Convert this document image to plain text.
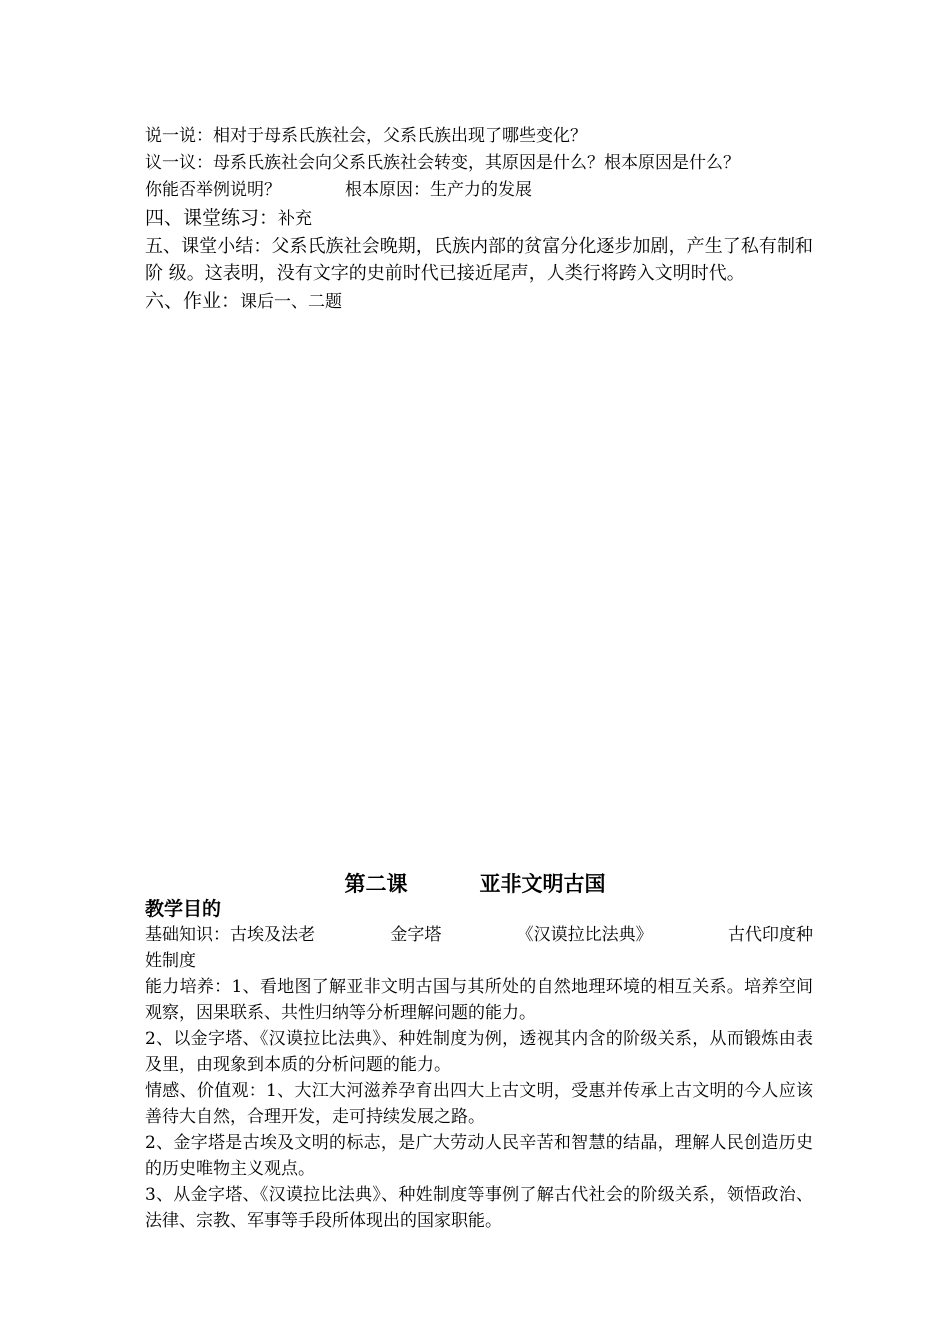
说一说：相对于母系氏族社会，父系氏族出现了哪些变化？
议一议：母系氏族社会向父系氏族社会转变，其原因是什么？根本原因是什么？
你能否举例说明？	根本原因：生产力的发展
四、课堂练习：补充
五、课堂小结：父系氏族社会晚期，氏族内部的贫富分化逐步加剧，产生了私有制和阶 级。这表明，没有文字的史前时代已接近尾声，人类行将跨入文明时代。
六、作业：课后一、二题
第二课	亚非文明古国
教学目的
基础知识：古埃及法老	金字塔	《汉谟拉比法典》	古代印度种
姓制度
能力培养：1、看地图了解亚非文明古国与其所处的自然地理环境的相互关系。培养空间观察，因果联系、共性归纳等分析理解问题的能力。
2、以金字塔、《汉谟拉比法典》、种姓制度为例，透视其内含的阶级关系，从而锻炼由表及里，由现象到本质的分析问题的能力。
情感、价值观：1、大江大河滋养孕育出四大上古文明，受惠并传承上古文明的今人应该善待大自然，合理开发，走可持续发展之路。
2、金字塔是古埃及文明的标志，是广大劳动人民辛苦和智慧的结晶，理解人民创造历史的历史唯物主义观点。
3、从金字塔、《汉谟拉比法典》、种姓制度等事例了解古代社会的阶级关系，领悟政治、法律、宗教、军事等手段所体现出的国家职能。
